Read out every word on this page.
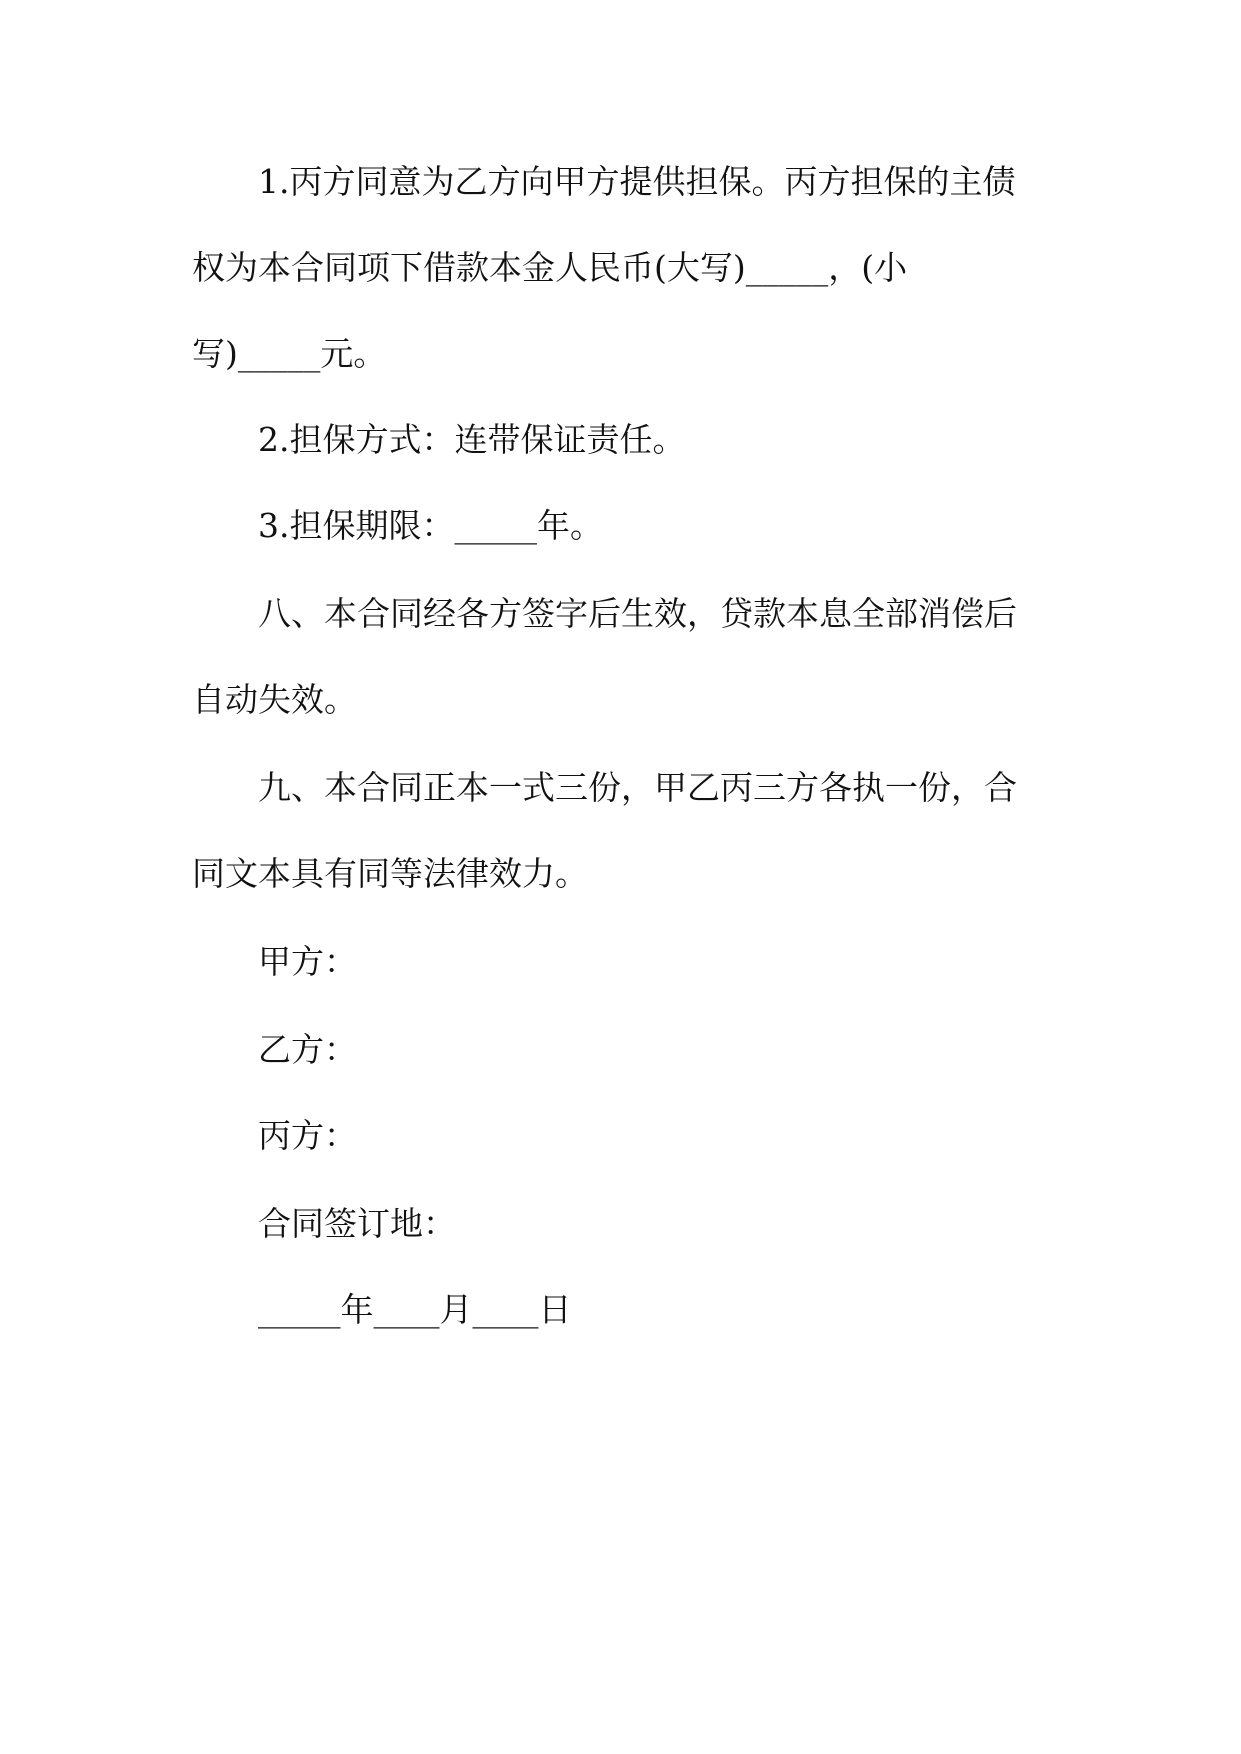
1.丙方同意为乙方向甲方提供担保。丙方担保的主债
权为本合同项下借款本金人民币(大写)_____，(小
写)_____元。
2.担保方式：连带保证责任。
3.担保期限：_____年。
八、本合同经各方签字后生效，贷款本息全部消偿后
自动失效。
九、本合同正本一式三份，甲乙丙三方各执一份，合
同文本具有同等法律效力。
甲方：
乙方：
丙方：
合同签订地：
_____年____月____日
